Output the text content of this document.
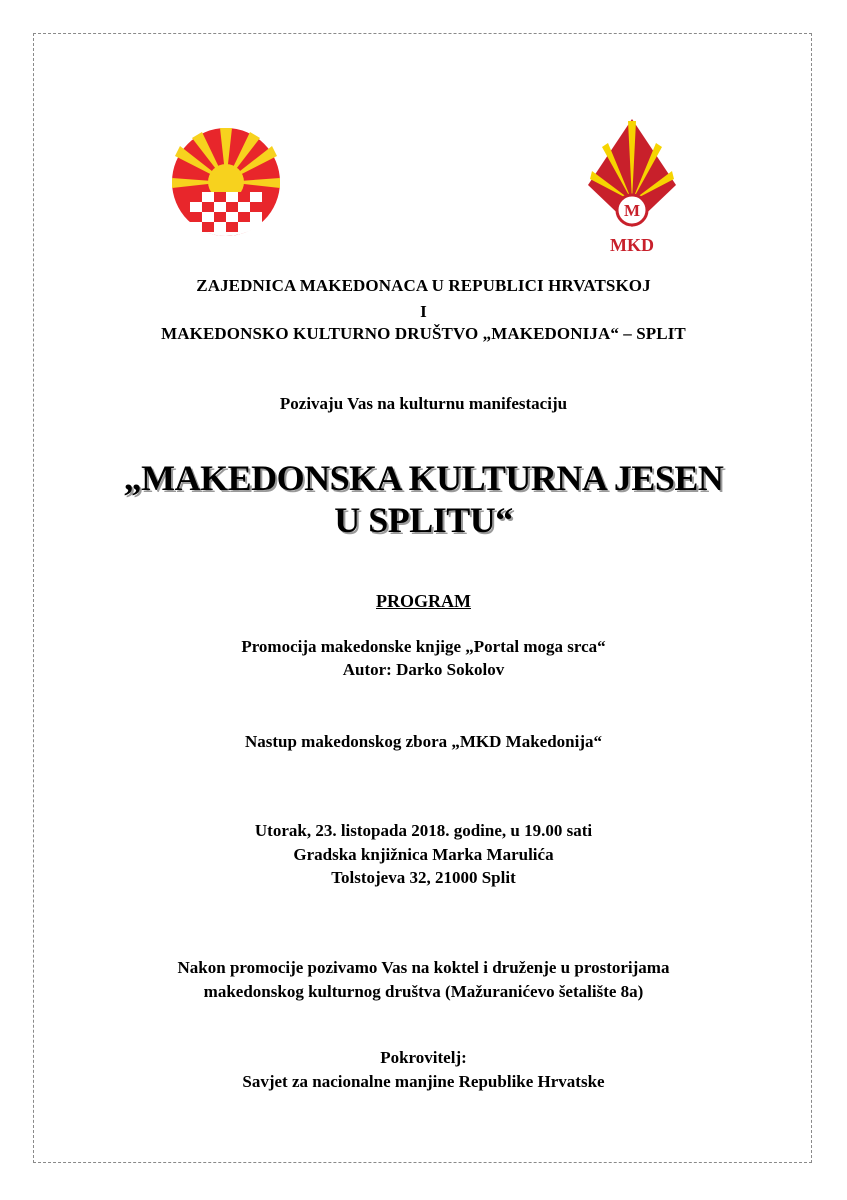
M
MKD
ZAJEDNICA MAKEDONACA U REPUBLICI HRVATSKOJ
I
MAKEDONSKO KULTURNO DRUŠTVO „MAKEDONIJA“ – SPLIT
Pozivaju Vas na kulturnu manifestaciju
„MAKEDONSKA KULTURNA JESEN
U SPLITU“
PROGRAM
Promocija makedonske knjige „Portal moga srca“
Autor: Darko Sokolov
Nastup makedonskog zbora „MKD Makedonija“
Utorak, 23. listopada 2018. godine, u 19.00 sati
Gradska knjižnica Marka Marulića
Tolstojeva 32, 21000 Split
Nakon promocije pozivamo Vas na koktel i druženje u prostorijama
makedonskog kulturnog društva (Mažuranićevo šetalište 8a)
Pokrovitelj:
Savjet za nacionalne manjine Republike Hrvatske
